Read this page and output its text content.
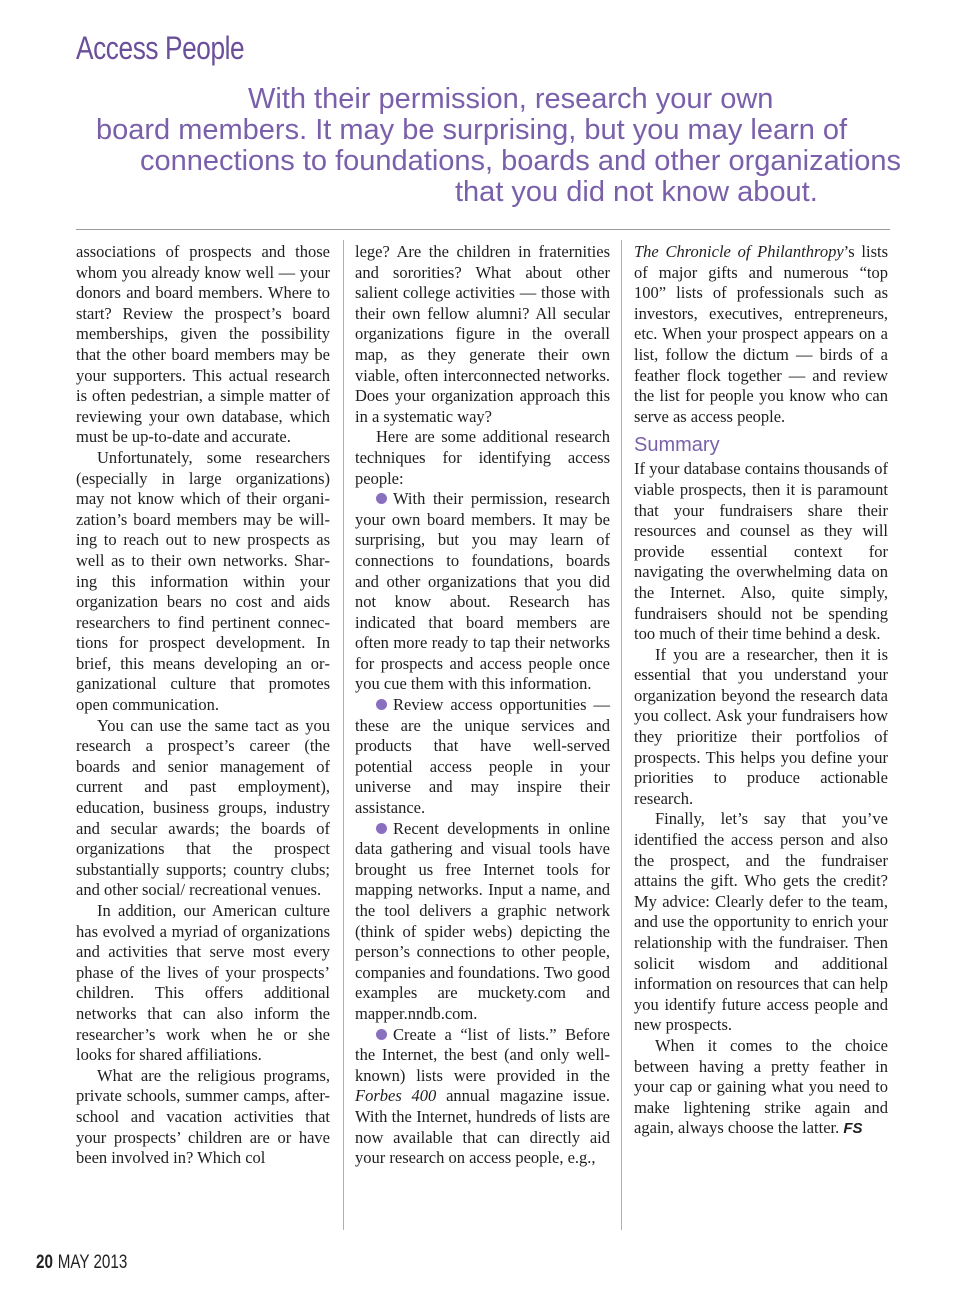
Access People
With their permission, research your own
board members. It may be surprising, but you may learn of
connections to foundations, boards and other organizations
that you did not know about.

associations of prospects and those whom you already know well — your donors and board members. Where to start? Review the prospect’s board memberships, given the possibility that the other board members may be your supporters. This actual research is often pedestrian, a simple matter of reviewing your own database, which must be up-to-date and accurate.

Unfortunately, some researchers (especially in large organizations) may not know which of their organization’s board members may be willing to reach out to new prospects as well as to their own networks. Sharing this information within your organization bears no cost and aids researchers to find pertinent connections for prospect development. In brief, this means developing an organizational culture that promotes open communication.

You can use the same tact as you research a prospect’s career (the boards and senior management of current and past employment), education, business groups, industry and secular awards; the boards of organizations that the prospect substantially supports; country clubs; and other social/ recreational venues.

In addition, our American culture has evolved a myriad of organizations and activities that serve most every phase of the lives of your prospects’ children. This offers additional networks that can also inform the researcher’s work when he or she looks for shared affiliations.

What are the religious programs, private schools, summer camps, after-school and vacation activities that your prospects’ children are or have been involved in? Which col

lege? Are the children in fraternities and sororities? What about other salient college activities — those with their own fellow alumni? All secular organizations figure in the overall map, as they generate their own viable, often interconnected networks. Does your organization approach this in a systematic way?

Here are some additional research techniques for identifying access people:

With their permission, research your own board members. It may be surprising, but you may learn of connections to foundations, boards and other organizations that you did not know about. Research has indicated that board members are often more ready to tap their networks for prospects and access people once you cue them with this information.

Review access opportunities — these are the unique services and products that have well-served potential access people in your universe and may inspire their assistance.

Recent developments in online data gathering and visual tools have brought us free Internet tools for mapping networks. Input a name, and the tool delivers a graphic network (think of spider webs) depicting the person’s connections to other people, companies and foundations. Two good examples are muckety.com and mapper.nndb.com.

Create a “list of lists.” Before the Internet, the best (and only well-known) lists were provided in the Forbes 400 annual magazine issue. With the Internet, hundreds of lists are now available that can directly aid your research on access people, e.g.,

The Chronicle of Philanthropy’s lists of major gifts and numerous “top 100” lists of professionals such as investors, executives, entrepreneurs, etc. When your prospect appears on a list, follow the dictum — birds of a feather flock together — and review the list for people you know who can serve as access people.

Summary

If your database contains thousands of viable prospects, then it is paramount that your fundraisers share their resources and counsel as they will provide essential context for navigating the overwhelming data on the Internet. Also, quite simply, fundraisers should not be spending too much of their time behind a desk.

If you are a researcher, then it is essential that you understand your organization beyond the research data you collect. Ask your fundraisers how they prioritize their portfolios of prospects. This helps you define your priorities to produce actionable research.

Finally, let’s say that you’ve identified the access person and also the prospect, and the fundraiser attains the gift. Who gets the credit? My advice: Clearly defer to the team, and use the opportunity to enrich your relationship with the fundraiser. Then solicit wisdom and additional information on resources that can help you identify future access people and new prospects.

When it comes to the choice between having a pretty feather in your cap or gaining what you need to make lightening strike again and again, always choose the latter. FS

20 MAY 2013
